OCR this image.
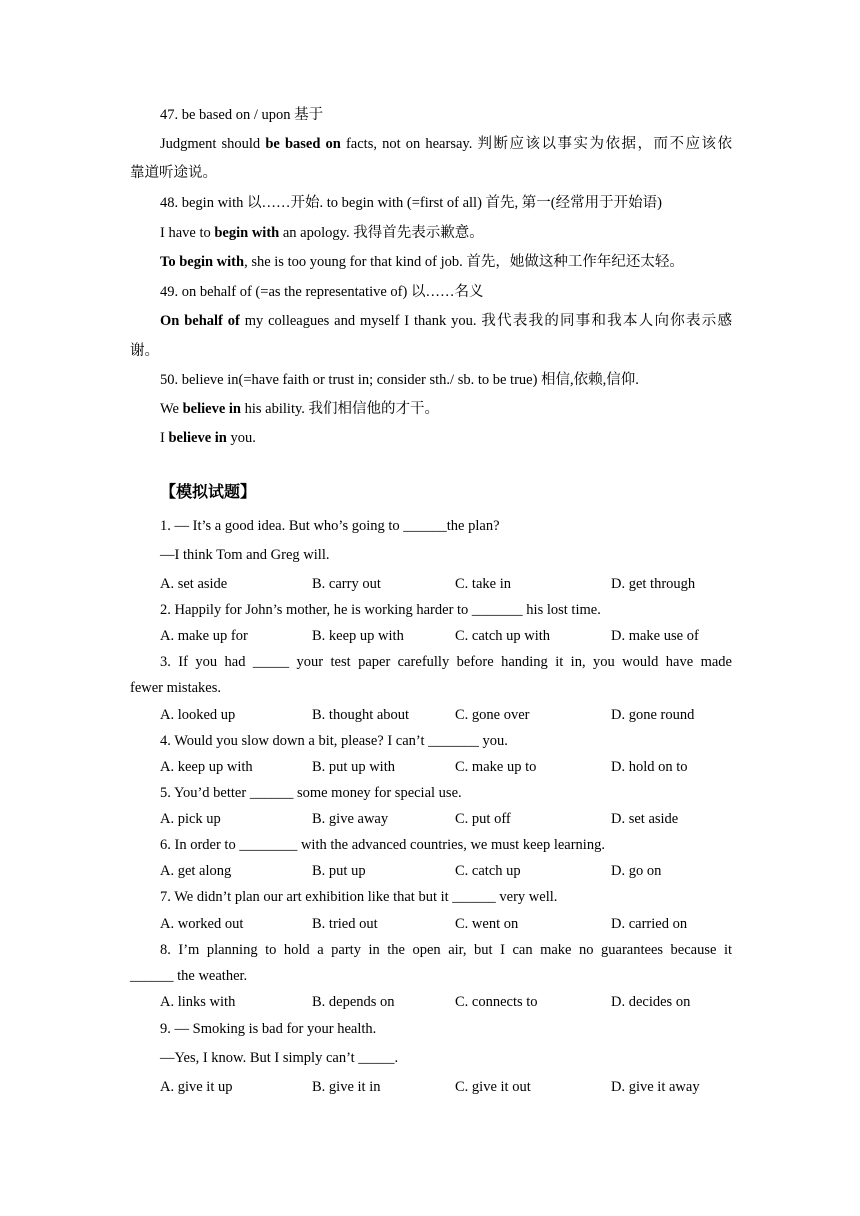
47. be based on / upon 基于
Judgment should be based on facts, not on hearsay. 判断应该以事实为依据，而不应该依
靠道听途说。
48. begin with 以……开始. to begin with (=first of all) 首先, 第一(经常用于开始语)
I have to begin with an apology. 我得首先表示歉意。
To begin with, she is too young for that kind of job. 首先，她做这种工作年纪还太轻。
49. on behalf of (=as the representative of) 以……名义
On behalf of my colleagues and myself I thank you. 我代表我的同事和我本人向你表示感
谢。
50. believe in(=have faith or trust in; consider sth./ sb. to be true) 相信,依赖,信仰.
We believe in his ability. 我们相信他的才干。
I believe in you.
【模拟试题】
1. — It’s a good idea. But who’s going to ______the plan?
—I think Tom and Greg will.
A. set aside	B. carry out	C. take in	D. get through
2. Happily for John’s mother, he is working harder to _______ his lost time.
A. make up for	B. keep up with	C. catch up with	D. make use of
3. If you had _____ your test paper carefully before handing it in, you would have made
fewer mistakes.
A. looked up	B. thought about	C. gone over	D. gone round
4. Would you slow down a bit, please? I can’t _______ you.
A. keep up with	B. put up with	C. make up to	D. hold on to
5. You’d better ______ some money for special use.
A. pick up	B. give away	C. put off	D. set aside
6. In order to ________ with the advanced countries, we must keep learning.
A. get along	B. put up	C. catch up	D. go on
7. We didn’t plan our art exhibition like that but it ______ very well.
A. worked out	B. tried out	C. went on	D. carried on
8. I’m planning to hold a party in the open air, but I can make no guarantees because it
______ the weather.
A. links with	B. depends on	C. connects to	D. decides on
9. — Smoking is bad for your health.
—Yes, I know. But I simply can’t _____.
A. give it up	B. give it in	C. give it out	D. give it away
